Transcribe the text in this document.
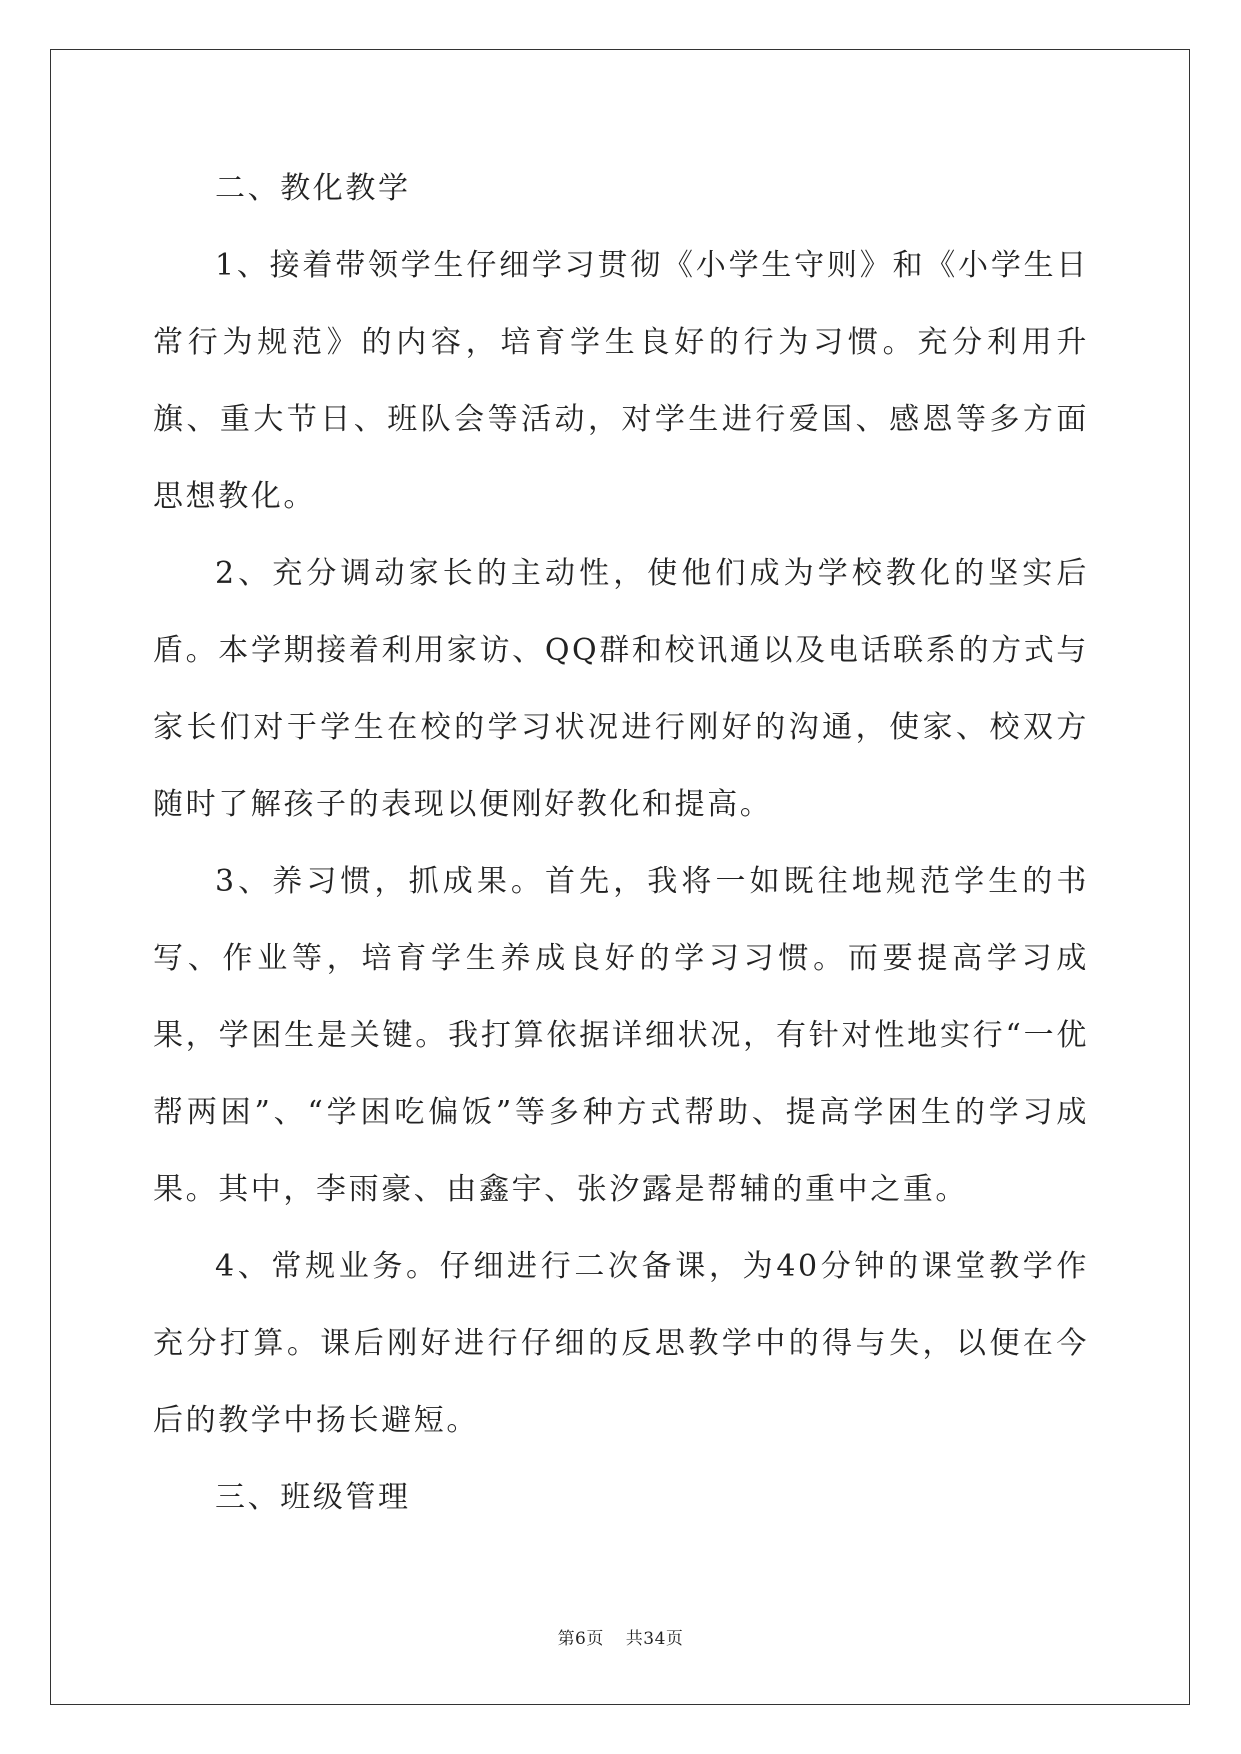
二、教化教学

1、接着带领学生仔细学习贯彻《小学生守则》和《小学生日常行为规范》的内容，培育学生良好的行为习惯。充分利用升旗、重大节日、班队会等活动，对学生进行爱国、感恩等多方面思想教化。

2、充分调动家长的主动性，使他们成为学校教化的坚实后盾。本学期接着利用家访、QQ群和校讯通以及电话联系的方式与家长们对于学生在校的学习状况进行刚好的沟通，使家、校双方随时了解孩子的表现以便刚好教化和提高。

3、养习惯，抓成果。首先，我将一如既往地规范学生的书写、作业等，培育学生养成良好的学习习惯。而要提高学习成果，学困生是关键。我打算依据详细状况，有针对性地实行“一优帮两困”、“学困吃偏饭”等多种方式帮助、提高学困生的学习成果。其中，李雨豪、由鑫宇、张汐露是帮辅的重中之重。

4、常规业务。仔细进行二次备课，为40分钟的课堂教学作充分打算。课后刚好进行仔细的反思教学中的得与失，以便在今后的教学中扬长避短。

三、班级管理

第6页 共34页
